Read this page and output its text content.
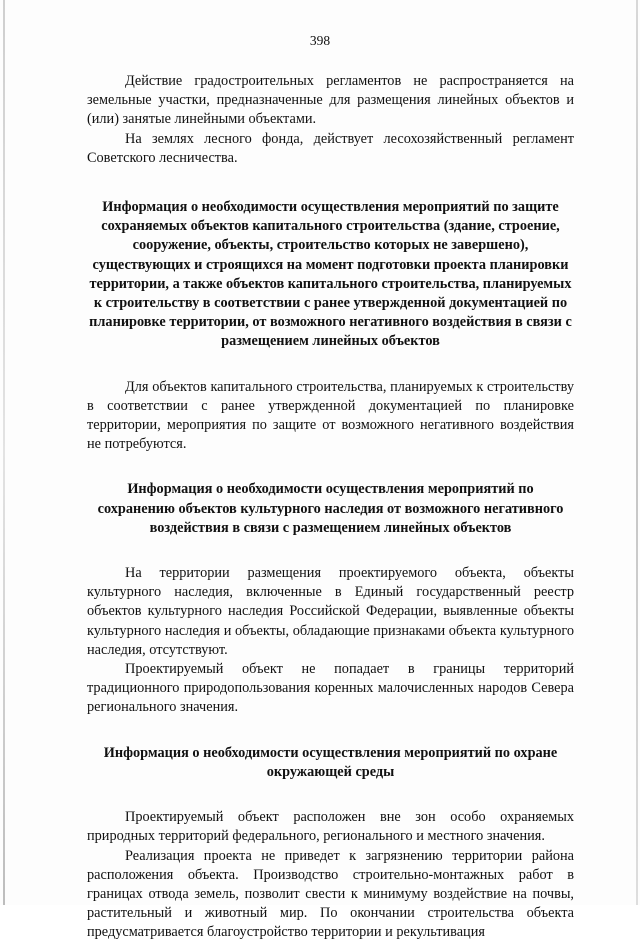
398

Действие градостроительных регламентов не распространяется на земельные участки, предназначенные для размещения линейных объектов и (или) занятые линейными объектами.

На землях лесного фонда, действует лесохозяйственный регламент Советского лесничества.

Информация о необходимости осуществления мероприятий по защите сохраняемых объектов капитального строительства (здание, строение, сооружение, объекты, строительство которых не завершено), существующих и строящихся на момент подготовки проекта планировки территории, а также объектов капитального строительства, планируемых к строительству в соответствии с ранее утвержденной документацией по планировке территории, от возможного негативного воздействия в связи с размещением линейных объектов

Для объектов капитального строительства, планируемых к строительству в соответствии с ранее утвержденной документацией по планировке территории, мероприятия по защите от возможного негативного воздействия не потребуются.

Информация о необходимости осуществления мероприятий по сохранению объектов культурного наследия от возможного негативного воздействия в связи с размещением линейных объектов

На территории размещения проектируемого объекта, объекты культурного наследия, включенные в Единый государственный реестр объектов культурного наследия Российской Федерации, выявленные объекты культурного наследия и объекты, обладающие признаками объекта культурного наследия, отсутствуют.

Проектируемый объект не попадает в границы территорий традиционного природопользования коренных малочисленных народов Севера регионального значения.

Информация о необходимости осуществления мероприятий по охране окружающей среды

Проектируемый объект расположен вне зон особо охраняемых природных территорий федерального, регионального и местного значения.

Реализация проекта не приведет к загрязнению территории района расположения объекта. Производство строительно-монтажных работ в границах отвода земель, позволит свести к минимуму воздействие на почвы, растительный и животный мир. По окончании строительства объекта предусматривается благоустройство территории и рекультивация
